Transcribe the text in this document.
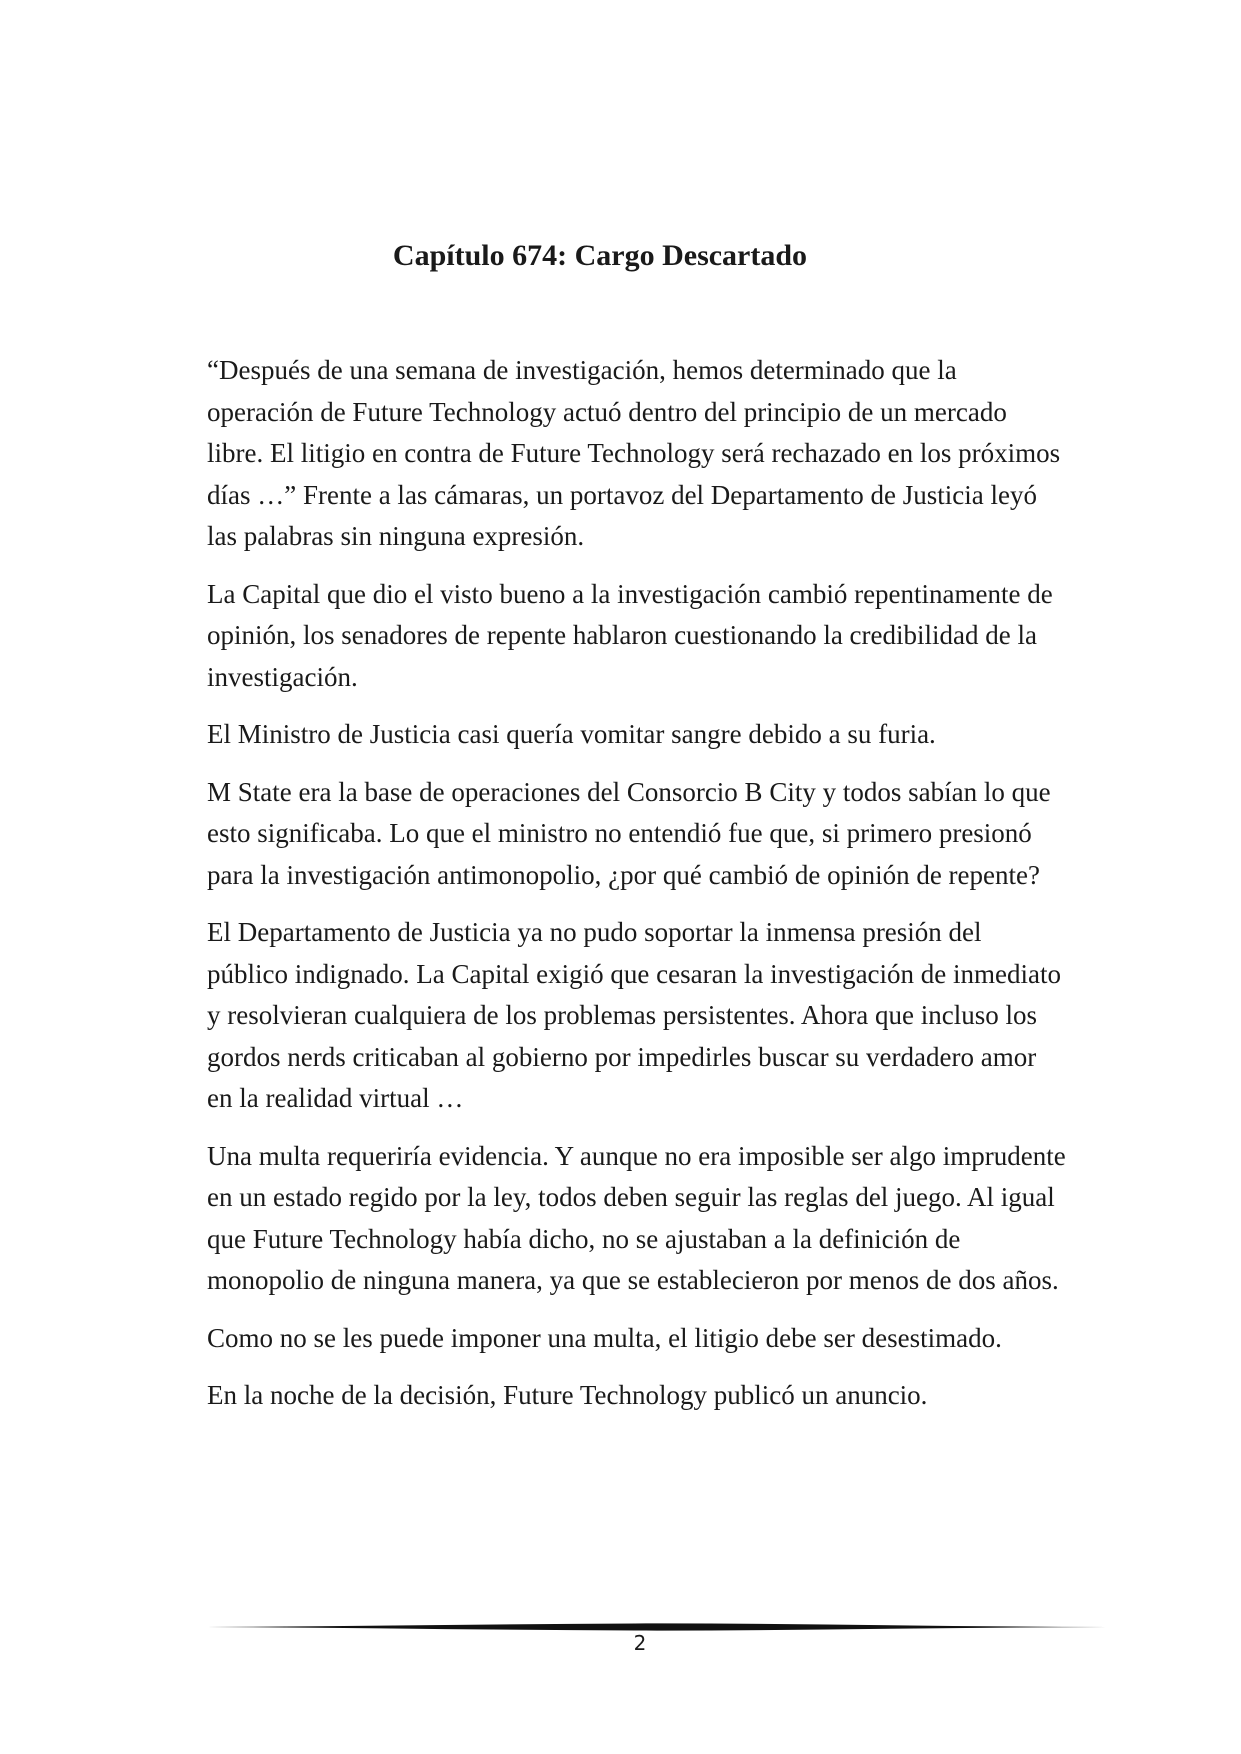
Capítulo 674: Cargo Descartado

“Después de una semana de investigación, hemos determinado que la operación de Future Technology actuó dentro del principio de un mercado libre. El litigio en contra de Future Technology será rechazado en los próximos días …” Frente a las cámaras, un portavoz del Departamento de Justicia leyó las palabras sin ninguna expresión.

La Capital que dio el visto bueno a la investigación cambió repentinamente de opinión, los senadores de repente hablaron cuestionando la credibilidad de la investigación.

El Ministro de Justicia casi quería vomitar sangre debido a su furia.

M State era la base de operaciones del Consorcio B City y todos sabían lo que esto significaba. Lo que el ministro no entendió fue que, si primero presionó para la investigación antimonopolio, ¿por qué cambió de opinión de repente?

El Departamento de Justicia ya no pudo soportar la inmensa presión del público indignado. La Capital exigió que cesaran la investigación de inmediato y resolvieran cualquiera de los problemas persistentes. Ahora que incluso los gordos nerds criticaban al gobierno por impedirles buscar su verdadero amor en la realidad virtual …

Una multa requeriría evidencia. Y aunque no era imposible ser algo imprudente en un estado regido por la ley, todos deben seguir las reglas del juego. Al igual que Future Technology había dicho, no se ajustaban a la definición de monopolio de ninguna manera, ya que se establecieron por menos de dos años.

Como no se les puede imponer una multa, el litigio debe ser desestimado.

En la noche de la decisión, Future Technology publicó un anuncio.

2
